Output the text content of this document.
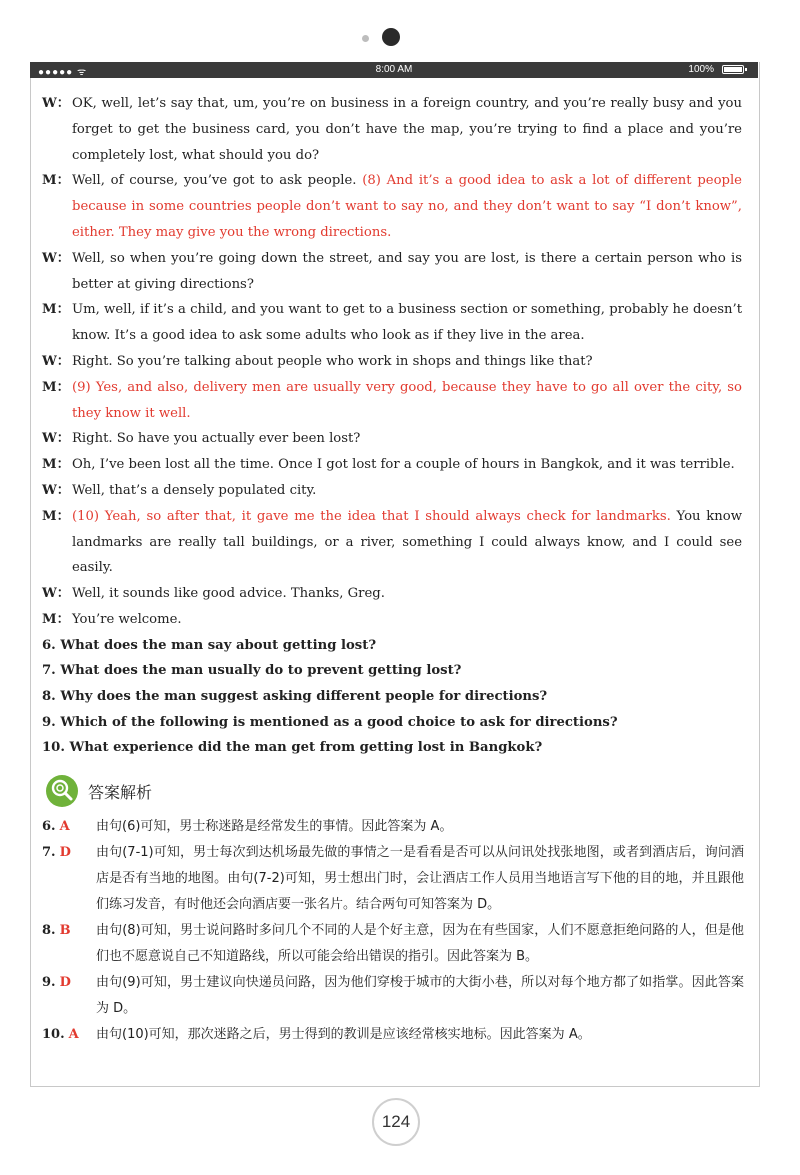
●●●●● ᯤ	8:00 AM	100%
W： OK, well, let’s say that, um, you’re on business in a foreign country, and you’re really busy and you forget to get the business card, you don’t have the map, you’re trying to find a place and you’re completely lost, what should you do?
M： Well, of course, you’ve got to ask people. (8) And it’s a good idea to ask a lot of different people because in some countries people don’t want to say no, and they don’t want to say “I don’t know”, either. They may give you the wrong directions.
W： Well, so when you’re going down the street, and say you are lost, is there a certain person who is better at giving directions?
M： Um, well, if it’s a child, and you want to get to a business section or something, probably he doesn’t know. It’s a good idea to ask some adults who look as if they live in the area.
W： Right. So you’re talking about people who work in shops and things like that?
M： (9) Yes, and also, delivery men are usually very good, because they have to go all over the city, so they know it well.
W： Right. So have you actually ever been lost?
M： Oh, I’ve been lost all the time. Once I got lost for a couple of hours in Bangkok, and it was terrible.
W： Well, that’s a densely populated city.
M： (10) Yeah, so after that, it gave me the idea that I should always check for landmarks. You know landmarks are really tall buildings, or a river, something I could always know, and I could see easily.
W： Well, it sounds like good advice. Thanks, Greg.
M： You’re welcome.
6. What does the man say about getting lost?
7. What does the man usually do to prevent getting lost?
8. Why does the man suggest asking different people for directions?
9. Which of the following is mentioned as a good choice to ask for directions?
10. What experience did the man get from getting lost in Bangkok?
答案解析
6. A	由句(6)可知，男士称迷路是经常发生的事情。因此答案为 A。
7. D	由句(7-1)可知，男士每次到达机场最先做的事情之一是看看是否可以从问讯处找张地图，或者到酒店后，询问酒店是否有当地的地图。由句(7-2)可知，男士想出门时，会让酒店工作人员用当地语言写下他的目的地，并且跟他们练习发音，有时他还会向酒店要一张名片。结合两句可知答案为 D。
8. B	由句(8)可知，男士说问路时多问几个不同的人是个好主意，因为在有些国家，人们不愿意拒绝问路的人，但是他们也不愿意说自己不知道路线，所以可能会给出错误的指引。因此答案为 B。
9. D	由句(9)可知，男士建议向快递员问路，因为他们穿梭于城市的大街小巷，所以对每个地方都了如指掌。因此答案为 D。
10. A	由句(10)可知，那次迷路之后，男士得到的教训是应该经常核实地标。因此答案为 A。
124
